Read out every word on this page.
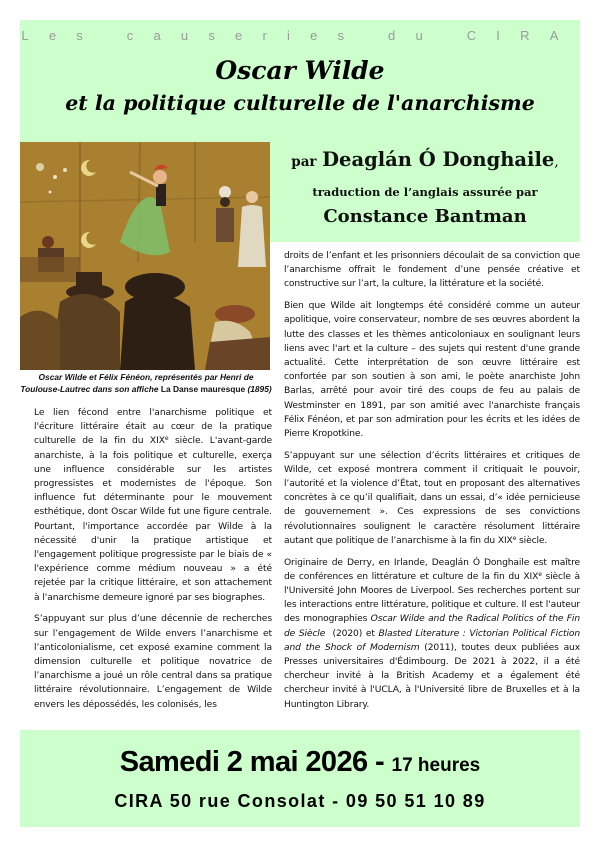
Les causeries du CIRA
Oscar Wilde
et la politique culturelle de l'anarchisme
par Deaglán Ó Donghaile,
traduction de l’anglais assurée par
Constance Bantman
Oscar Wilde et Félix Fénéon, représentés par Henri de Toulouse-Lautrec dans son affiche La Danse mauresque (1895)

Le lien fécond entre l'anarchisme politique et l'écriture littéraire était au cœur de la pratique culturelle de la fin du XIXe siècle. L'avant-garde anarchiste, à la fois politique et culturelle, exerça une influence considérable sur les artistes progressistes et modernistes de l'époque. Son influence fut déterminante pour le mouvement esthétique, dont Oscar Wilde fut une figure centrale. Pourtant, l'importance accordée par Wilde à la nécessité d'unir la pratique artistique et l'engagement politique progressiste par le biais de « l'expérience comme médium nouveau » a été rejetée par la critique littéraire, et son attachement à l'anarchisme demeure ignoré par ses biographes.

S’appuyant sur plus d’une décennie de recherches sur l’engagement de Wilde envers l’anarchisme et l’anticolonialisme, cet exposé examine comment la dimension culturelle et politique novatrice de l’anarchisme a joué un rôle central dans sa pratique littéraire révolutionnaire. L’engagement de Wilde envers les dépossédés, les colonisés, les

droits de l’enfant et les prisonniers découlait de sa conviction que l’anarchisme offrait le fondement d’une pensée créative et constructive sur l’art, la culture, la littérature et la société.

Bien que Wilde ait longtemps été considéré comme un auteur apolitique, voire conservateur, nombre de ses œuvres abordent la lutte des classes et les thèmes anticoloniaux en soulignant leurs liens avec l'art et la culture – des sujets qui restent d'une grande actualité. Cette interprétation de son œuvre littéraire est confortée par son soutien à son ami, le poète anarchiste John Barlas, arrêté pour avoir tiré des coups de feu au palais de Westminster en 1891, par son amitié avec l'anarchiste français Félix Fénéon, et par son admiration pour les écrits et les idées de Pierre Kropotkine.

S’appuyant sur une sélection d’écrits littéraires et critiques de Wilde, cet exposé montrera comment il critiquait le pouvoir, l’autorité et la violence d’État, tout en proposant des alternatives concrètes à ce qu’il qualifiait, dans un essai, d’« idée pernicieuse de gouvernement ». Ces expressions de ses convictions révolutionnaires soulignent le caractère résolument littéraire autant que politique de l’anarchisme à la fin du XIXe siècle.

Originaire de Derry, en Irlande, Deaglán Ó Donghaile est maître de conférences en littérature et culture de la fin du XIXe siècle à l'Université John Moores de Liverpool. Ses recherches portent sur les interactions entre littérature, politique et culture. Il est l'auteur des monographies Oscar Wilde and the Radical Politics of the Fin de Siècle  (2020) et Blasted Literature : Victorian Political Fiction and the Shock of Modernism (2011), toutes deux publiées aux Presses universitaires d'Édimbourg. De 2021 à 2022, il a été chercheur invité à la British Academy et a également été chercheur invité à l'UCLA, à l'Université libre de Bruxelles et à la Huntington Library.

Samedi 2 mai 2026 - 17 heures
CIRA 50 rue Consolat - 09 50 51 10 89
